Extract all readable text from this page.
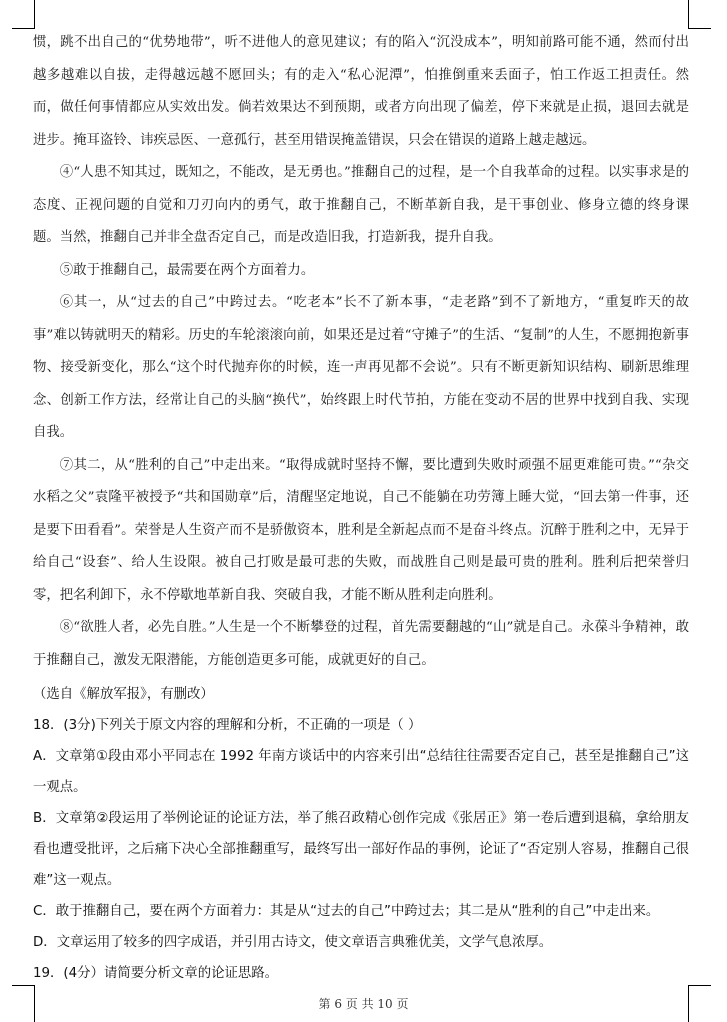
惯，跳不出自己的“优势地带”，听不进他人的意见建议；有的陷入“沉没成本”，明知前路可能不通，然而付出越多越难以自拔，走得越远越不愿回头；有的走入“私心泥潭”，怕推倒重来丢面子，怕工作返工担责任。然而，做任何事情都应从实效出发。倘若效果达不到预期，或者方向出现了偏差，停下来就是止损，退回去就是进步。掩耳盗铃、讳疾忌医、一意孤行，甚至用错误掩盖错误，只会在错误的道路上越走越远。

④“人患不知其过，既知之，不能改，是无勇也。”推翻自己的过程，是一个自我革命的过程。以实事求是的态度、正视问题的自觉和刀刃向内的勇气，敢于推翻自己，不断革新自我，是干事创业、修身立德的终身课题。当然，推翻自己并非全盘否定自己，而是改造旧我，打造新我，提升自我。

⑤敢于推翻自己，最需要在两个方面着力。

⑥其一，从“过去的自己”中跨过去。“吃老本”长不了新本事，“走老路”到不了新地方，“重复昨天的故事”难以铸就明天的精彩。历史的车轮滚滚向前，如果还是过着“守摊子”的生活、“复制”的人生，不愿拥抱新事物、接受新变化，那么“这个时代抛弃你的时候，连一声再见都不会说”。只有不断更新知识结构、刷新思维理念、创新工作方法，经常让自己的头脑“换代”，始终跟上时代节拍，方能在变动不居的世界中找到自我、实现自我。

⑦其二，从“胜利的自己”中走出来。“取得成就时坚持不懈，要比遭到失败时顽强不屈更难能可贵。”“杂交水稻之父”袁隆平被授予“共和国勋章”后，清醒坚定地说，自己不能躺在功劳簿上睡大觉，“回去第一件事，还是要下田看看”。荣誉是人生资产而不是骄傲资本，胜利是全新起点而不是奋斗终点。沉醉于胜利之中，无异于给自己“设套”、给人生设限。被自己打败是最可悲的失败，而战胜自己则是最可贵的胜利。胜利后把荣誉归零，把名利卸下，永不停歇地革新自我、突破自我，才能不断从胜利走向胜利。

⑧“欲胜人者，必先自胜。”人生是一个不断攀登的过程，首先需要翻越的“山”就是自己。永葆斗争精神，敢于推翻自己，激发无限潜能，方能创造更多可能，成就更好的自己。

（选自《解放军报》，有删改）

18．(3分)下列关于原文内容的理解和分析，不正确的一项是（ ）

A．文章第①段由邓小平同志在 1992 年南方谈话中的内容来引出“总结往往需要否定自己，甚至是推翻自己”这一观点。

B．文章第②段运用了举例论证的论证方法，举了熊召政精心创作完成《张居正》第一卷后遭到退稿，拿给朋友看也遭受批评，之后痛下决心全部推翻重写，最终写出一部好作品的事例，论证了“否定别人容易，推翻自己很难”这一观点。

C．敢于推翻自己，要在两个方面着力：其是从“过去的自己”中跨过去；其二是从“胜利的自己”中走出来。

D．文章运用了较多的四字成语，并引用古诗文，使文章语言典雅优美，文学气息浓厚。

19．(4分）请简要分析文章的论证思路。

第 6 页 共 10 页
